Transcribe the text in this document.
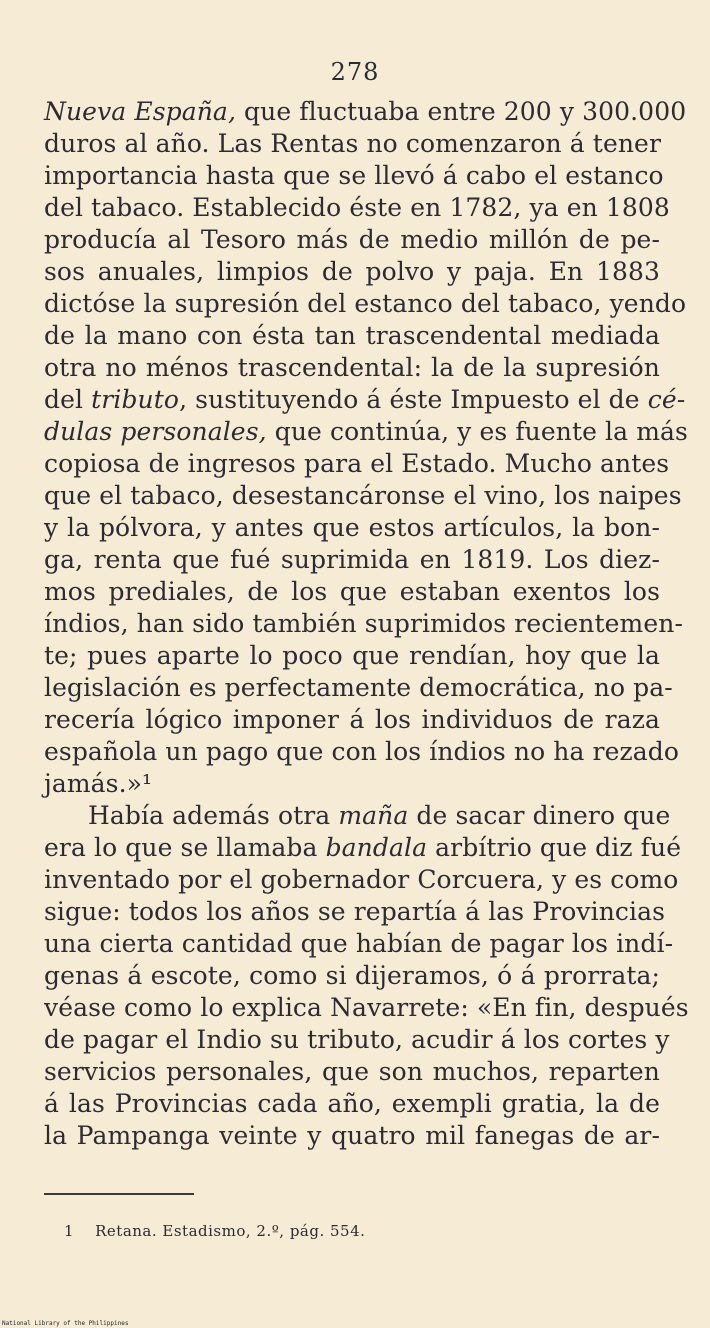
278
Nueva España, que fluctuaba entre 200 y 300.000
duros al año. Las Rentas no comenzaron á tener
importancia hasta que se llevó á cabo el estanco
del tabaco. Establecido éste en 1782, ya en 1808
producía al Tesoro más de medio millón de pe-
sos anuales, limpios de polvo y paja. En 1883
dictóse la supresión del estanco del tabaco, yendo
de la mano con ésta tan trascendental mediada
otra no ménos trascendental: la de la supresión
del tributo, sustituyendo á éste Impuesto el de cé-
dulas personales, que continúa, y es fuente la más
copiosa de ingresos para el Estado. Mucho antes
que el tabaco, desestancáronse el vino, los naipes
y la pólvora, y antes que estos artículos, la bon-
ga, renta que fué suprimida en 1819. Los diez-
mos prediales, de los que estaban exentos los
índios, han sido también suprimidos recientemen-
te; pues aparte lo poco que rendían, hoy que la
legislación es perfectamente democrática, no pa-
recería lógico imponer á los individuos de raza
española un pago que con los índios no ha rezado
jamás.»¹
Había además otra maña de sacar dinero que
era lo que se llamaba bandala arbítrio que diz fué
inventado por el gobernador Corcuera, y es como
sigue: todos los años se repartía á las Provincias
una cierta cantidad que habían de pagar los indí-
genas á escote, como si dijeramos, ó á prorrata;
véase como lo explica Navarrete: «En fin, después
de pagar el Indio su tributo, acudir á los cortes y
servicios personales, que son muchos, reparten
á las Provincias cada año, exempli gratia, la de
la Pampanga veinte y quatro mil fanegas de ar-
1 Retana. Estadismo, 2.º, pág. 554.
National Library of the Philippines
